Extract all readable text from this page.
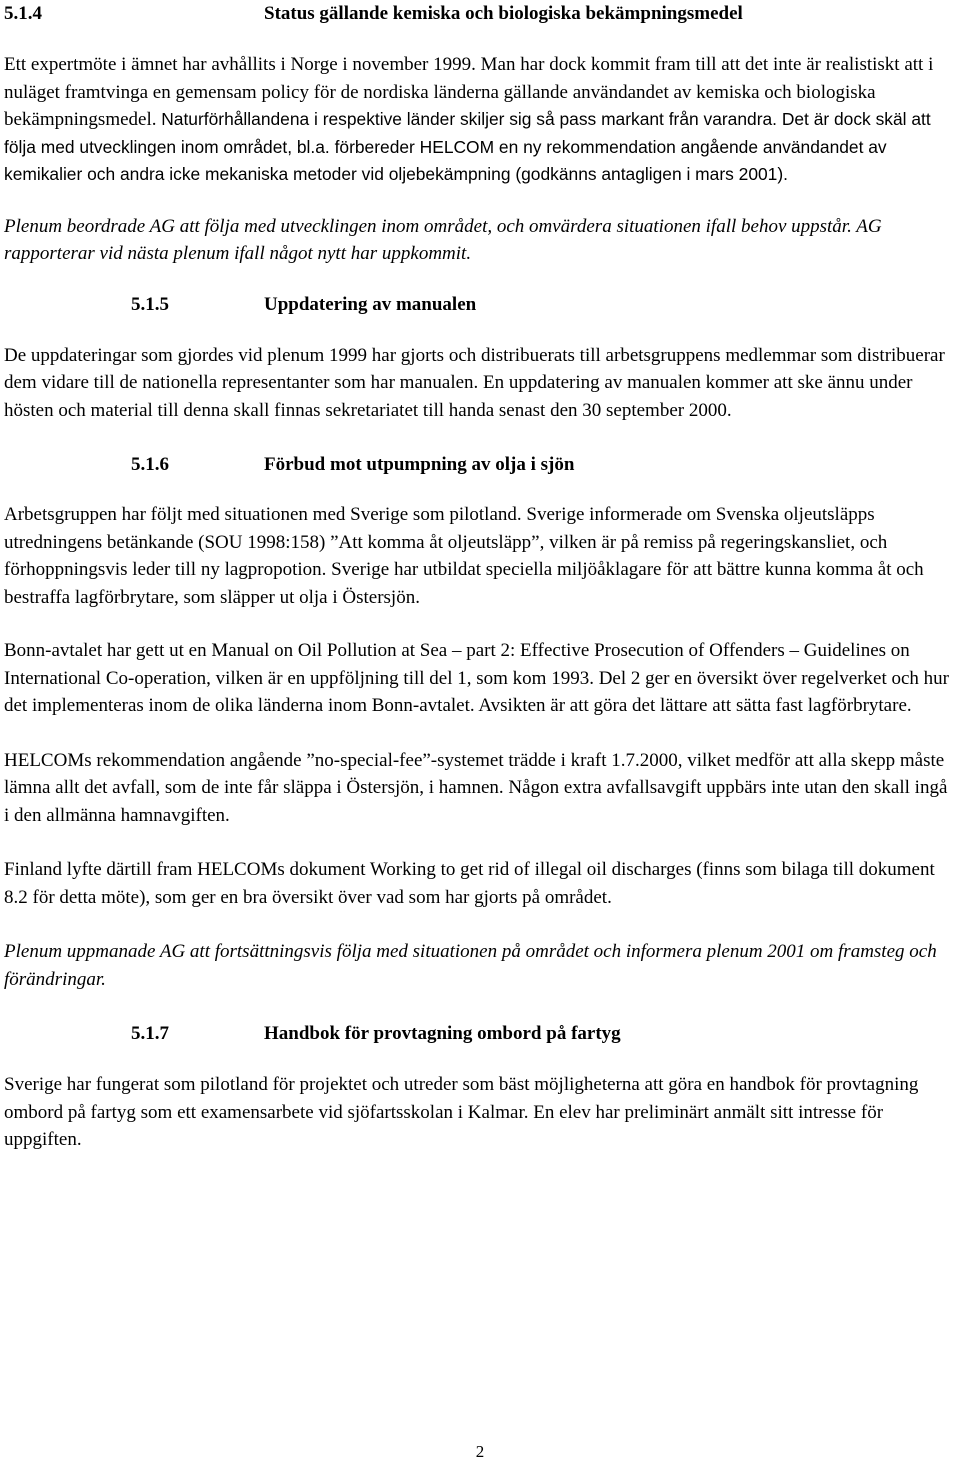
5.1.4	Status gällande kemiska och biologiska bekämpningsmedel

Ett expertmöte i ämnet har avhållits i Norge i november 1999. Man har dock kommit fram till att det inte är realistiskt att i nuläget framtvinga en gemensam policy för de nordiska länderna gällande användandet av kemiska och biologiska bekämpningsmedel. Naturförhållandena i respektive länder skiljer sig så pass markant från varandra. Det är dock skäl att följa med utvecklingen inom området, bl.a. förbereder HELCOM en ny rekommendation angående användandet av kemikalier och andra icke mekaniska metoder vid oljebekämpning (godkänns antagligen i mars 2001).

Plenum beordrade AG att följa med utvecklingen inom området, och omvärdera situationen ifall behov uppstår. AG rapporterar vid nästa plenum ifall något nytt har uppkommit.

5.1.5	Uppdatering av manualen

De uppdateringar som gjordes vid plenum 1999 har gjorts och distribuerats till arbetsgruppens medlemmar som distribuerar dem vidare till de nationella representanter som har manualen. En uppdatering av manualen kommer att ske ännu under hösten och material till denna skall finnas sekretariatet till handa senast den 30 september 2000.

5.1.6	Förbud mot utpumpning av olja i sjön

Arbetsgruppen har följt med situationen med Sverige som pilotland. Sverige informerade om Svenska oljeutsläpps utredningens betänkande (SOU 1998:158) ”Att komma åt oljeutsläpp”, vilken är på remiss på regeringskansliet, och förhoppningsvis leder till ny lagpropotion. Sverige har utbildat speciella miljöåklagare för att bättre kunna komma åt och bestraffa lagförbrytare, som släpper ut olja i Östersjön.

Bonn-avtalet har gett ut en Manual on Oil Pollution at Sea – part 2: Effective Prosecution of Offenders – Guidelines on International Co-operation, vilken är en uppföljning till del 1, som kom 1993. Del 2 ger en översikt över regelverket och hur det implementeras inom de olika länderna inom Bonn-avtalet. Avsikten är att göra det lättare att sätta fast lagförbrytare.

HELCOMs rekommendation angående ”no-special-fee”-systemet trädde i kraft 1.7.2000, vilket medför att alla skepp måste lämna allt det avfall, som de inte får släppa i Östersjön, i hamnen. Någon extra avfallsavgift uppbärs inte utan den skall ingå i den allmänna hamnavgiften.

Finland lyfte därtill fram HELCOMs dokument Working to get rid of illegal oil discharges (finns som bilaga till dokument 8.2 för detta möte), som ger en bra översikt över vad som har gjorts på området.

Plenum uppmanade AG att fortsättningsvis följa med situationen på området och informera plenum 2001 om framsteg och förändringar.

5.1.7	Handbok för provtagning ombord på fartyg

Sverige har fungerat som pilotland för projektet och utreder som bäst möjligheterna att göra en handbok för provtagning ombord på fartyg som ett examensarbete vid sjöfartsskolan i Kalmar. En elev har preliminärt anmält sitt intresse för uppgiften.

2
